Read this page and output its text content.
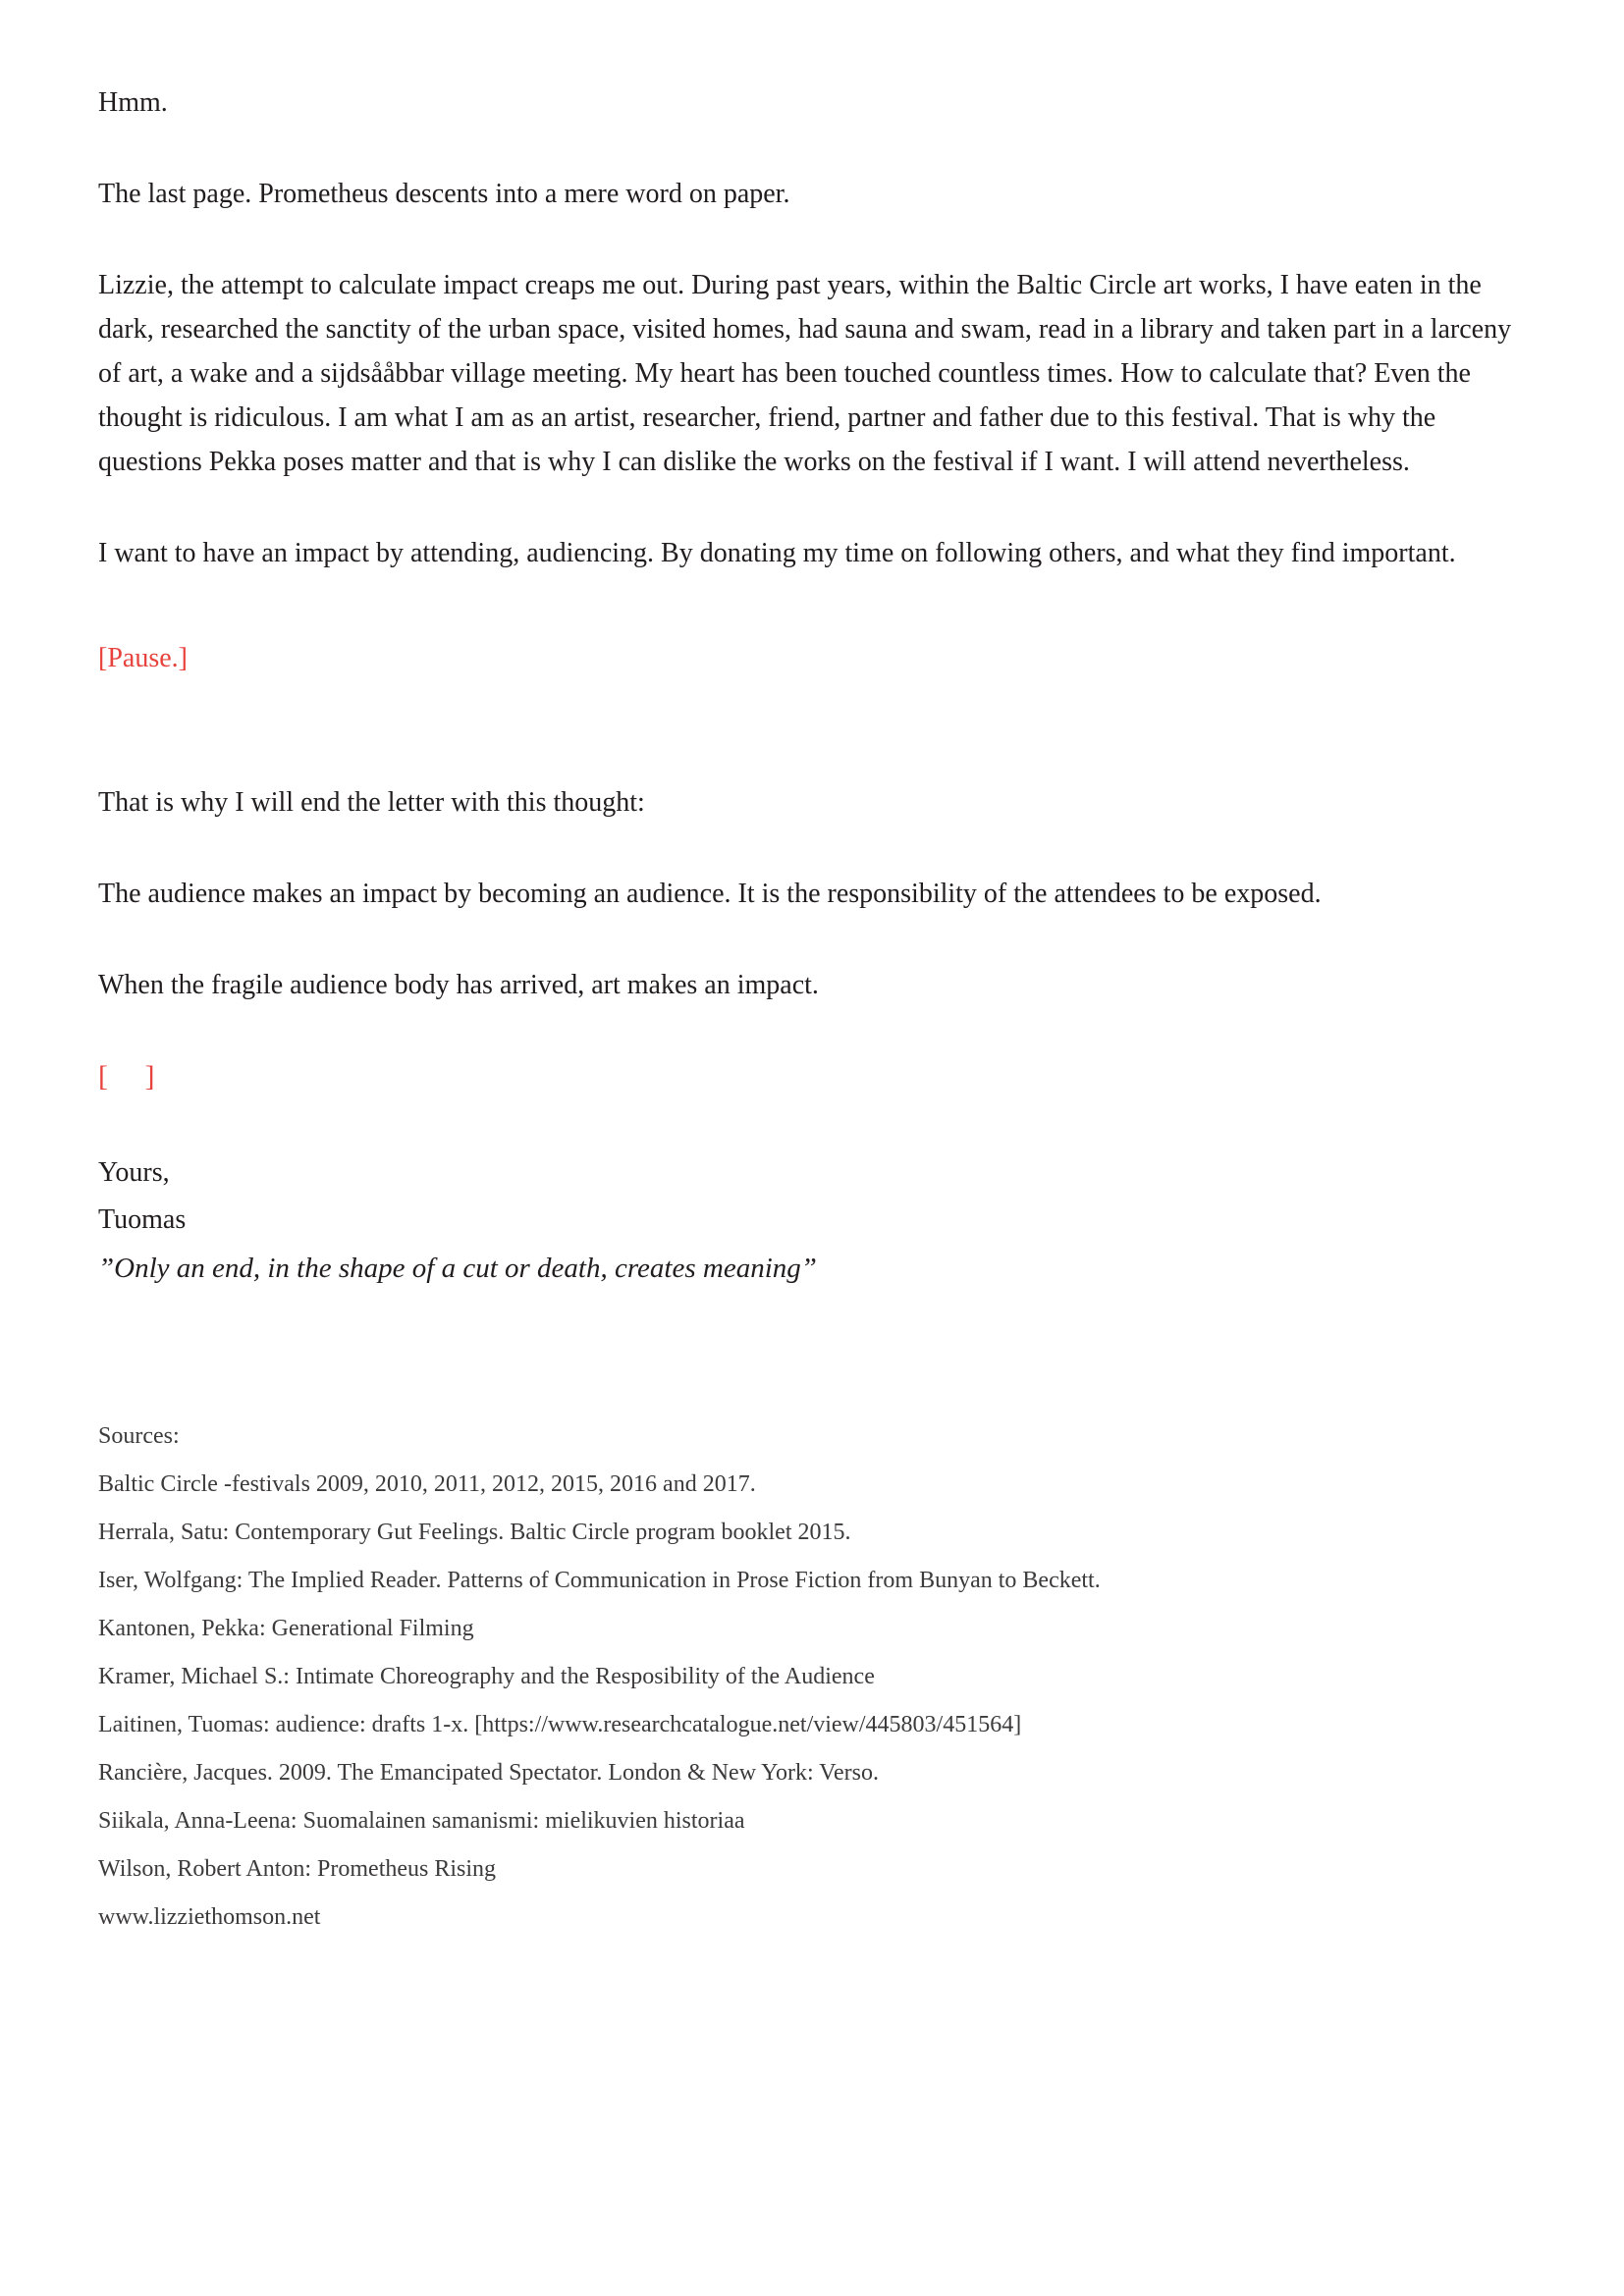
Hmm.

The last page. Prometheus descents into a mere word on paper.

Lizzie, the attempt to calculate impact creaps me out. During past years, within the Baltic Circle art works, I have eaten in the dark, researched the sanctity of the urban space, visited homes, had sauna and swam, read in a library and taken part in a larceny of art, a wake and a sijdsååbbar village meeting. My heart has been touched countless times. How to calculate that? Even the thought is ridiculous. I am what I am as an artist, researcher, friend, partner and father due to this festival. That is why the questions Pekka poses matter and that is why I can dislike the works on the festival if I want. I will attend nevertheless.

I want to have an impact by attending, audiencing. By donating my time on following others, and what they find important.

[Pause.]

That is why I will end the letter with this thought:

The audience makes an impact by becoming an audience. It is the responsibility of the attendees to be exposed.

When the fragile audience body has arrived, art makes an impact.

[     ]

Yours,

Tuomas

”Only an end, in the shape of a cut or death, creates meaning”

Sources:

Baltic Circle -festivals 2009, 2010, 2011, 2012, 2015, 2016 and 2017.

Herrala, Satu: Contemporary Gut Feelings. Baltic Circle program booklet 2015.

Iser, Wolfgang: The Implied Reader. Patterns of Communication in Prose Fiction from Bunyan to Beckett.

Kantonen, Pekka: Generational Filming

Kramer, Michael S.: Intimate Choreography and the Resposibility of the Audience

Laitinen, Tuomas: audience: drafts 1-x. [https://www.researchcatalogue.net/view/445803/451564]

Rancière, Jacques. 2009. The Emancipated Spectator. London & New York: Verso.

Siikala, Anna-Leena: Suomalainen samanismi: mielikuvien historiaa

Wilson, Robert Anton: Prometheus Rising

www.lizziethomson.net
